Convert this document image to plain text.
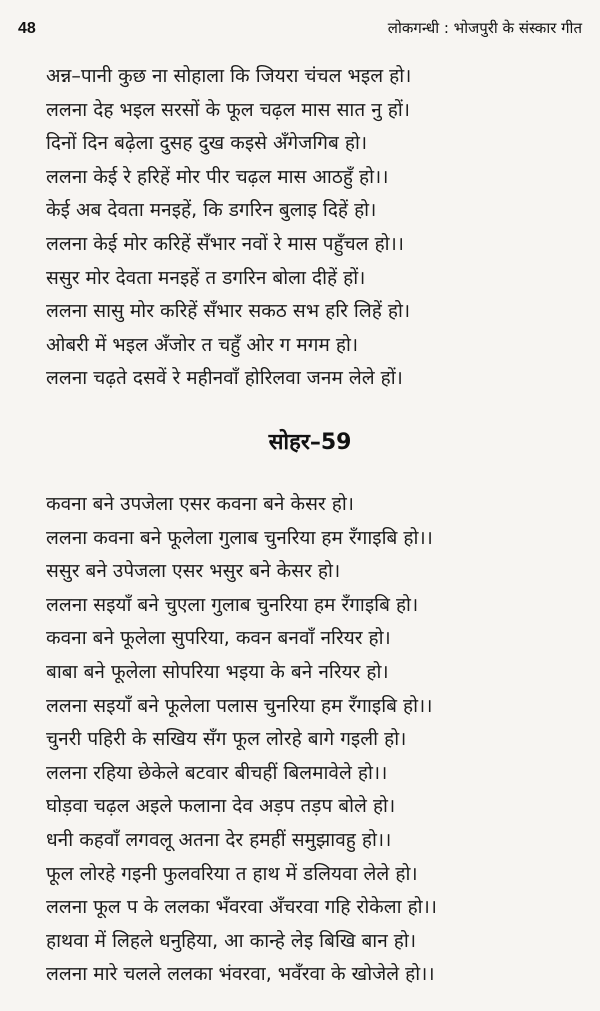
48	लोकगन्धी : भोजपुरी के संस्कार गीत
अन्न–पानी कुछ ना सोहाला कि जियरा चंचल भइल हो।
ललना देह भइल सरसों के फूल चढ़ल मास सात नु हों।
दिनों दिन बढ़ेला दुसह दुख कइसे अँगेजगिब हो।
ललना केई रे हरिहें मोर पीर चढ़ल मास आठहुँ हो।।
केई अब देवता मनइहें, कि डगरिन बुलाइ दिहें हो।
ललना केई मोर करिहें सँभार नवों रे मास पहुँचल हो।।
ससुर मोर देवता मनइहें त डगरिन बोला दीहें हों।
ललना सासु मोर करिहें सँभार सकठ सभ हरि लिहें हो।
ओबरी में भइल अँजोर त चहुँ ओर ग मगम हो।
ललना चढ़ते दसवें रे महीनवाँ होरिलवा जनम लेले हों।
सोहर–59
कवना बने उपजेला एसर कवना बने केसर हो।
ललना कवना बने फूलेला गुलाब चुनरिया हम रँगाइबि हो।।
ससुर बने उपेजला एसर भसुर बने केसर हो।
ललना सइयाँ बने चुएला गुलाब चुनरिया हम रँगाइबि हो।
कवना बने फूलेला सुपरिया, कवन बनवाँ नरियर हो।
बाबा बने फूलेला सोपरिया भइया के बने नरियर हो।
ललना सइयाँ बने फूलेला पलास चुनरिया हम रँगाइबि हो।।
चुनरी पहिरी के सखिय सँग फूल लोरहे बागे गइली हो।
ललना रहिया छेकेले बटवार बीचहीं बिलमावेले हो।।
घोड़वा चढ़ल अइले फलाना देव अड़प तड़प बोले हो।
धनी कहवाँ लगवलू अतना देर हमहीं समुझावहु हो।।
फूल लोरहे गइनी फुलवरिया त हाथ में डलियवा लेले हो।
ललना फूल प के ललका भँवरवा अँचरवा गहि रोकेला हो।।
हाथवा में लिहले धनुहिया, आ कान्हे लेइ बिखि बान हो।
ललना मारे चलले ललका भंवरवा, भवँरवा के खोजेले हो।।
